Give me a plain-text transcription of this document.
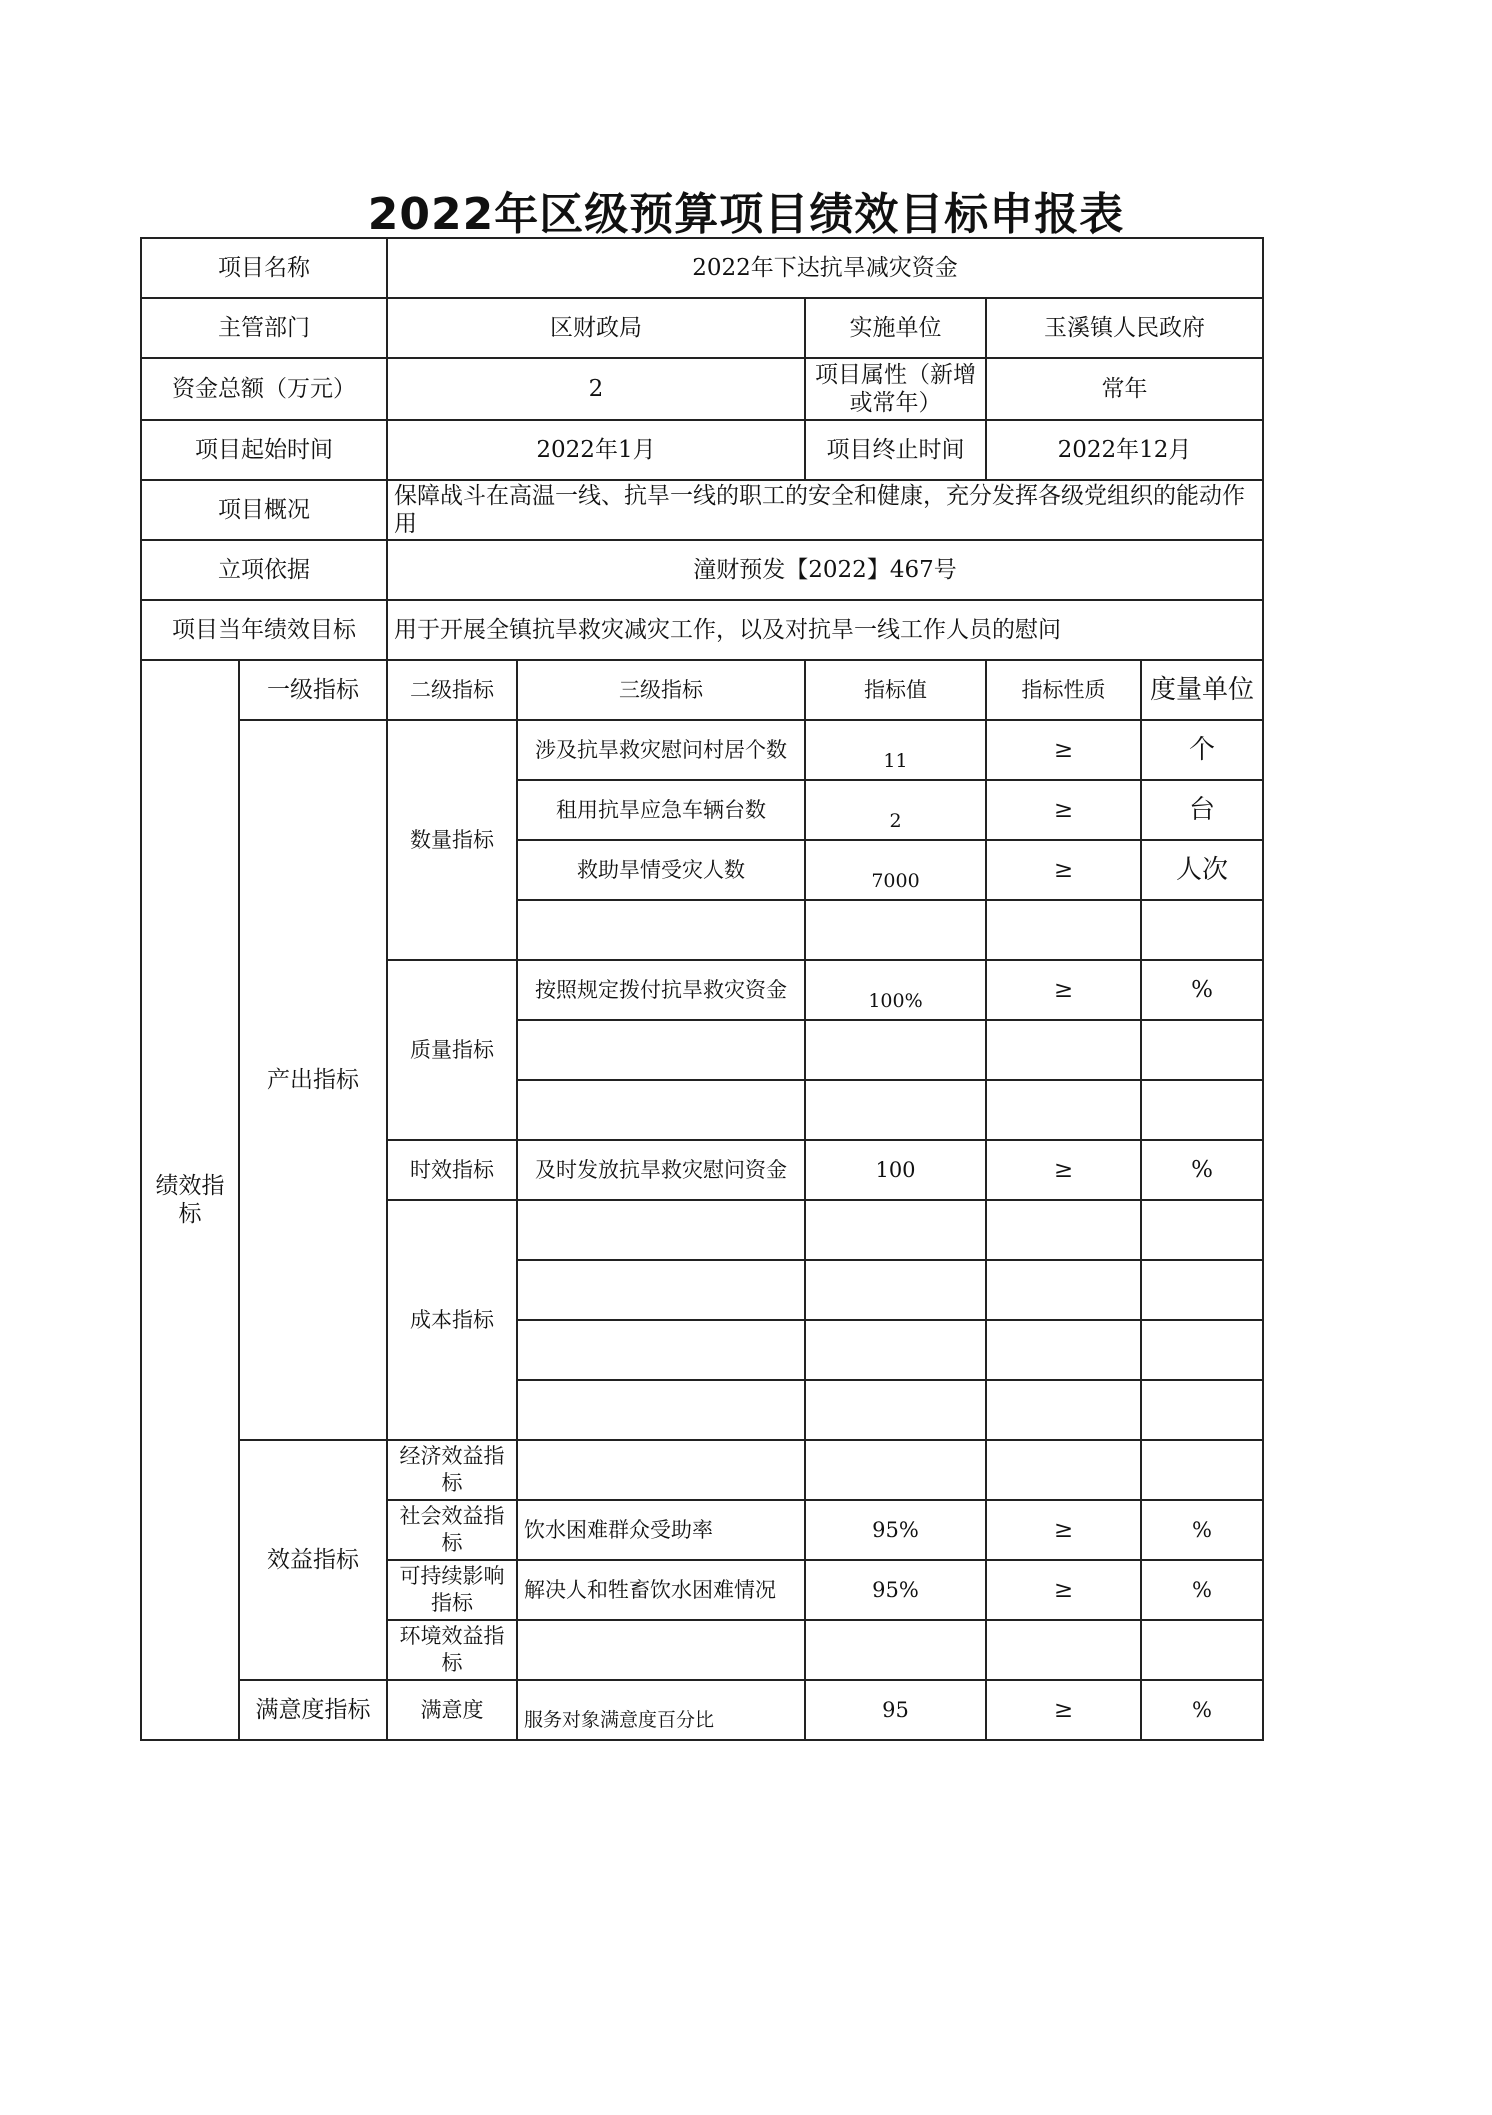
2022年区级预算项目绩效目标申报表
项目名称		2022年下达抗旱减灾资金				
主管部门		区财政局		实施单位	玉溪镇人民政府	
资金总额（万元）		2		项目属性（新增或常年）	常年	
项目起始时间		2022年1月		项目终止时间	2022年12月	
项目概况		保障战斗在高温一线、抗旱一线的职工的安全和健康，充分发挥各级党组织的能动作用				
立项依据		潼财预发【2022】467号				
项目当年绩效目标		用于开展全镇抗旱救灾减灾工作，以及对抗旱一线工作人员的慰问				
绩效指标	一级指标	二级指标	三级指标	指标值	指标性质	度量单位
	产出指标	数量指标	涉及抗旱救灾慰问村居个数	$_{11}$	≥	个
			租用抗旱应急车辆台数	$_2$	≥	台
			救助旱情受灾人数	$_{7000}$	≥	人次

		质量指标	按照规定拨付抗旱救灾资金	$_{100\%}$	≥	%

		时效指标	及时发放抗旱救灾慰问资金	100	≥	%
		成本指标				

	效益指标	经济效益指标				
		社会效益指标	饮水困难群众受助率	95%	≥	%
		可持续影响指标	解决人和牲畜饮水困难情况	95%	≥	%
		环境效益指标				
	满意度指标	满意度	服务对象满意度百分比	95	≥	%
